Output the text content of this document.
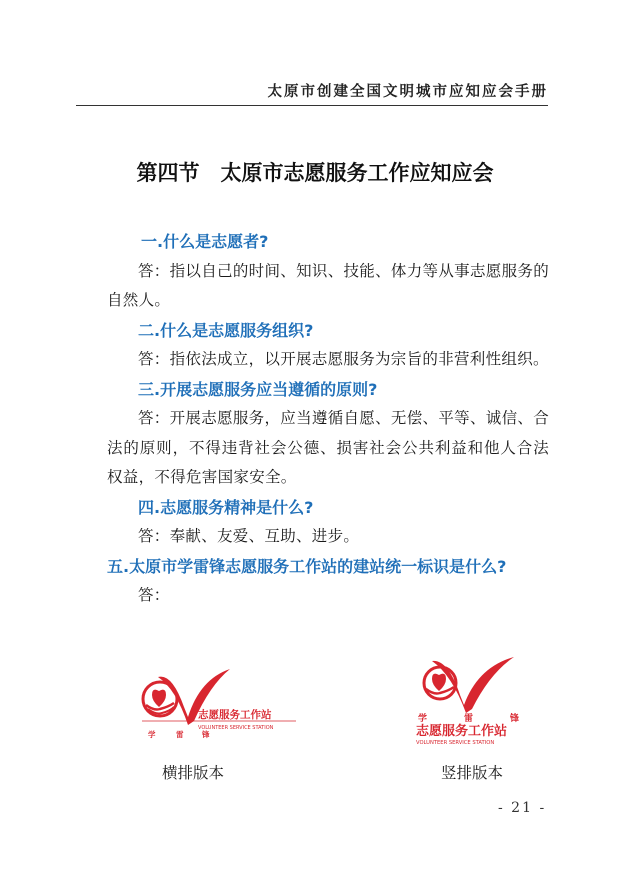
太原市创建全国文明城市应知应会手册
第四节　太原市志愿服务工作应知应会

一.什么是志愿者?

答：指以自己的时间、知识、技能、体力等从事志愿服务的自然人。

二.什么是志愿服务组织?

答：指依法成立，以开展志愿服务为宗旨的非营利性组织。

三.开展志愿服务应当遵循的原则?

答：开展志愿服务，应当遵循自愿、无偿、平等、诚信、合法的原则，不得违背社会公德、损害社会公共利益和他人合法权益，不得危害国家安全。

四.志愿服务精神是什么?

答：奉献、友爱、互助、进步。

五.太原市学雷锋志愿服务工作站的建站统一标识是什么?

答：

志愿服务工作站
VOLUNTEER SERVICE STATION
学	雷 锋
学	雷	锋
志愿服务工作站
VOLUNTEER SERVICE STATION
横排版本	竖排版本
- 21 -
